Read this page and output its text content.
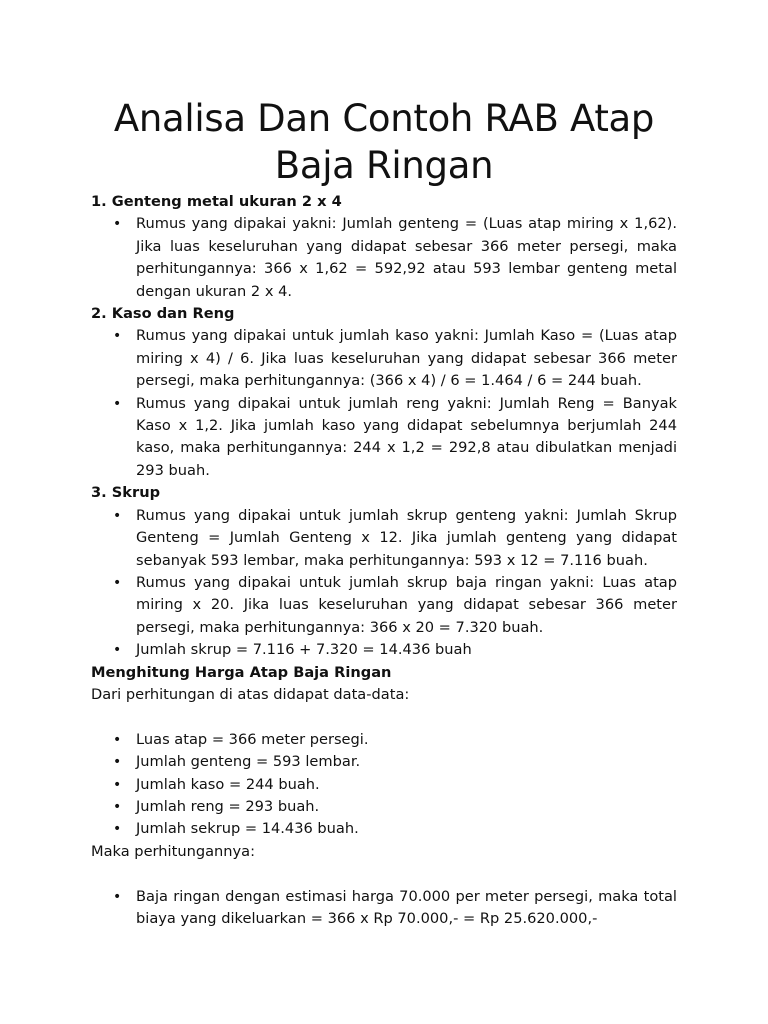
Analisa Dan Contoh RAB Atap Baja Ringan

1. Genteng metal ukuran 2 x 4

• Rumus yang dipakai yakni: Jumlah genteng = (Luas atap miring x 1,62). Jika luas keseluruhan yang didapat sebesar 366 meter persegi, maka perhitungannya: 366 x 1,62 = 592,92 atau 593 lembar genteng metal dengan ukuran 2 x 4.

2. Kaso dan Reng

• Rumus yang dipakai untuk jumlah kaso yakni: Jumlah Kaso = (Luas atap miring x 4) / 6. Jika luas keseluruhan yang didapat sebesar 366 meter persegi, maka perhitungannya: (366 x 4) / 6 = 1.464 / 6 = 244 buah.
• Rumus yang dipakai untuk jumlah reng yakni: Jumlah Reng = Banyak Kaso x 1,2. Jika jumlah kaso yang didapat sebelumnya berjumlah 244 kaso, maka perhitungannya: 244 x 1,2 = 292,8 atau dibulatkan menjadi 293 buah.

3. Skrup

• Rumus yang dipakai untuk jumlah skrup genteng yakni: Jumlah Skrup Genteng = Jumlah Genteng x 12. Jika jumlah genteng yang didapat sebanyak 593 lembar, maka perhitungannya: 593 x 12 = 7.116 buah.
• Rumus yang dipakai untuk jumlah skrup baja ringan yakni: Luas atap miring x 20. Jika luas keseluruhan yang didapat sebesar 366 meter persegi, maka perhitungannya: 366 x 20 = 7.320 buah.
• Jumlah skrup = 7.116 + 7.320 = 14.436 buah

Menghitung Harga Atap Baja Ringan

Dari perhitungan di atas didapat data-data:

• Luas atap = 366 meter persegi.
• Jumlah genteng = 593 lembar.
• Jumlah kaso = 244 buah.
• Jumlah reng = 293 buah.
• Jumlah sekrup = 14.436 buah.

Maka perhitungannya:

• Baja ringan dengan estimasi harga 70.000 per meter persegi, maka total biaya yang dikeluarkan = 366 x Rp 70.000,- = Rp 25.620.000,-
